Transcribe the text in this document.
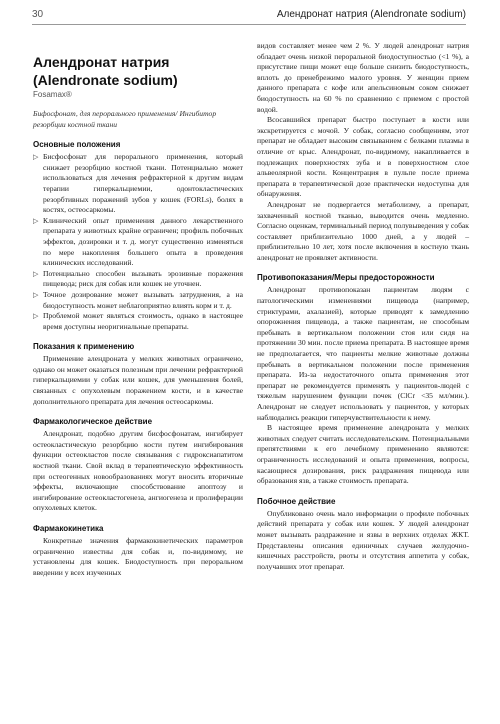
30	Алендронат натрия (Alendronate sodium)
Алендронат натрия
(Alendronate sodium)
Fosamax®
Бифосфонат, для перорального применения/ Ингибитор резорбции костной ткани
Основные положения
▷ Бисфосфонат для перорального применения, который снижает резорбцию костной ткани. Потенциально может использоваться для лечения рефрактерной к другим видам терапии гиперкальциемии, одонтокластических резорбтивных поражений зубов у кошек (FORLs), болях в костях, остеосаркомы.
▷ Клинический опыт применения данного лекарственного препарата у животных крайне ограничен; профиль побочных эффектов, дозировки и т. д. могут существенно изменяться по мере накопления большего опыта в проведения клинических исследований.
▷ Потенциально способен вызывать эрозивные поражения пищевода; риск для собак или кошек не уточнен.
▷ Точное дозирование может вызывать затруднения, а на биодоступность может неблагоприятно влиять корм и т. д.
▷ Проблемой может являться стоимость, однако в настоящее время доступны неоригинальные препараты.
Показания к применению

Применение алендроната у мелких животных ограничено, однако он может оказаться полезным при лечении рефрактерной гиперкальциемии у собак или кошек, для уменьшения болей, связанных с опухолевым поражением кости, и в качестве дополнительного препарата для лечения остеосаркомы.

Фармакологическое действие

Алендронат, подобно другим бисфосфонатам, ингибирует остеокластическую резорбцию кости путем ингибирования функции остеокластов после связывания с гидроксиапатитом костной ткани. Свой вклад в терапевтическую эффективность при остеогенных новообразованиях могут вносить вторичные эффекты, включающие способствование апоптозу и ингибирование остеокластогенеза, ангиогенеза и пролиферации опухолевых клеток.

Фармакокинетика

Конкретные значения фармакокинетических параметров ограниченно известны для собак и, по-видимому, не установлены для кошек. Биодоступность при пероральном введении у всех изученных

видов составляет менее чем 2 %. У людей алендронат натрия обладает очень низкой пероральной биодоступностью (<1 %), а присутствие пищи может еще больше снизить биодоступность, вплоть до пренебрежимо малого уровня. У женщин прием данного препарата с кофе или апельсиновым соком снижает биодоступность на 60 % по сравнению с приемом с простой водой.

Всосавшийся препарат быстро поступает в кости или экскретируется с мочой. У собак, согласно сообщениям, этот препарат не обладает высоким связыванием с белками плазмы в отличие от крыс. Алендронат, по-видимому, накапливается в подлежащих поверхностях зуба и в поверхностном слое альвеолярной кости. Концентрация в пульпе после приема препарата в терапевтической дозе практически недоступна для обнаружения.

Алендронат не подвергается метаболизму, а препарат, захваченный костной тканью, выводится очень медленно. Согласно оценкам, терминальный период полувыведения у собак составляет приблизительно 1000 дней, а у людей – приблизительно 10 лет, хотя после включения в костную ткань алендронат не проявляет активности.

Противопоказания/Меры предосторожности

Алендронат противопоказан пациентам людям с патологическими изменениями пищевода (например, стриктурами, ахалазией), которые приводят к замедлению опорожнения пищевода, а также пациентам, не способным пребывать в вертикальном положении стоя или сидя на протяжении 30 мин. после приема препарата. В настоящее время не предполагается, что пациенты мелкие животные должны пребывать в вертикальном положении после применения препарата. Из-за недостаточного опыта применения этот препарат не рекомендуется применять у пациентов-людей с тяжелым нарушением функции почек (ClCr <35 мл/мин.). Алендронат не следует использовать у пациентов, у которых наблюдались реакции гиперчувствительности к нему.

В настоящее время применение алендроната у мелких животных следует считать исследовательским. Потенциальными препятствиями к его лечебному применению являются: ограниченность исследований и опыта применения, вопросы, касающиеся дозирования, риск раздражения пищевода или образования язв, а также стоимость препарата.

Побочное действие

Опубликовано очень мало информации о профиле побочных действий препарата у собак или кошек. У людей алендронат может вызывать раздражение и язвы в верхних отделах ЖКТ. Представлены описания единичных случаев желудочно-кишечных расстройств, рвоты и отсутствия аппетита у собак, получавших этот препарат.
